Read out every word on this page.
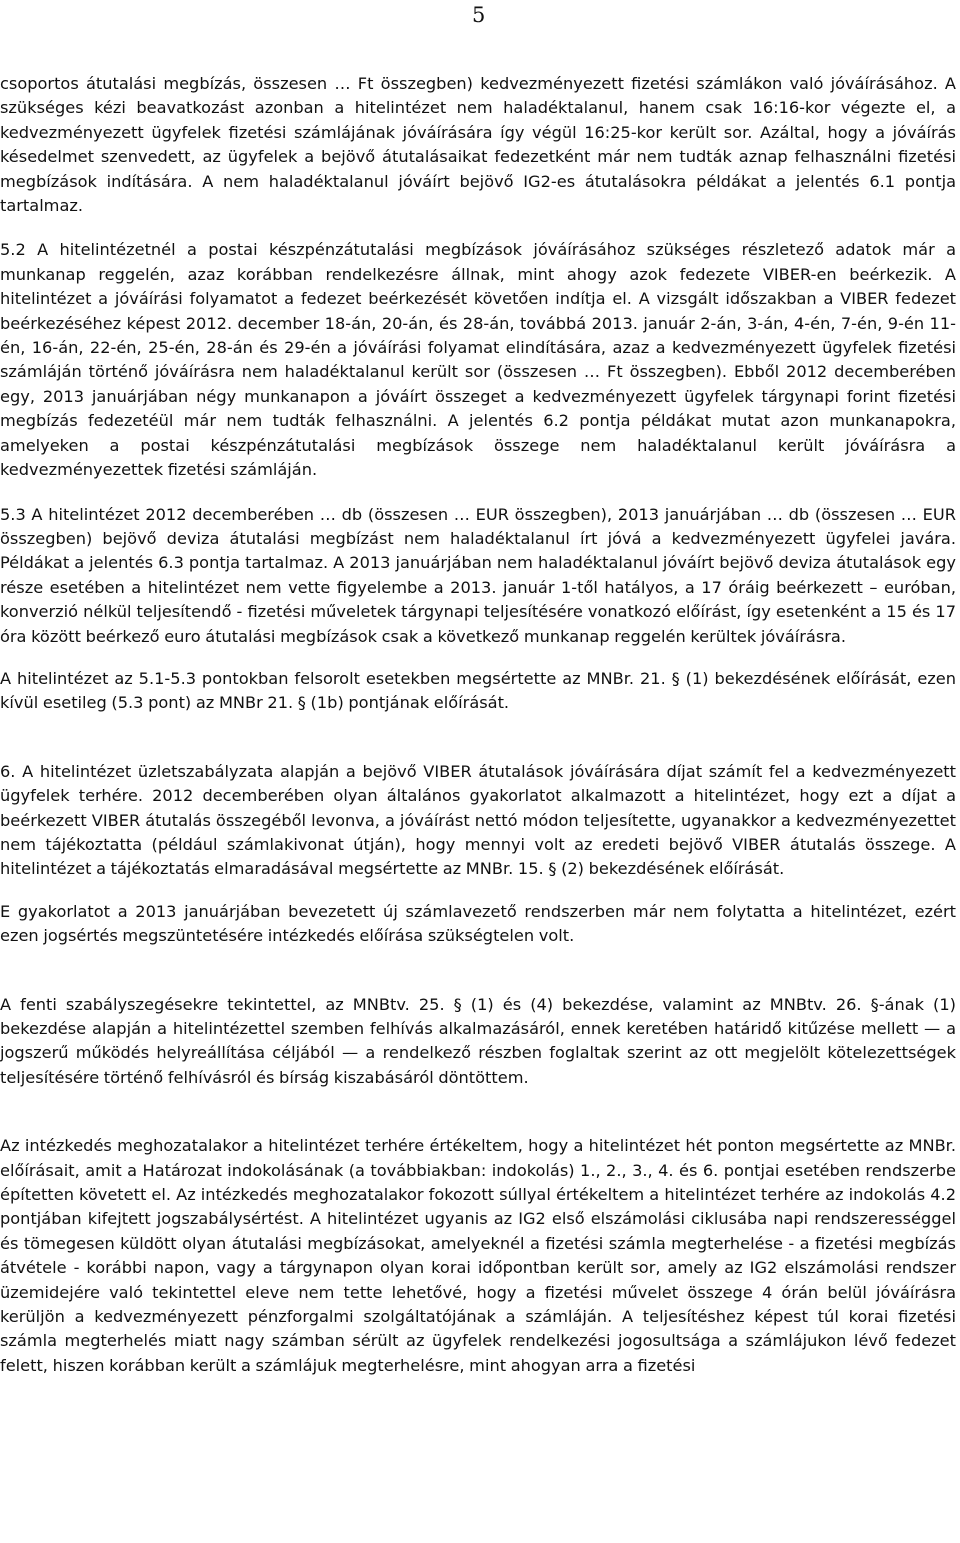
5

csoportos átutalási megbízás, összesen … Ft összegben) kedvezményezett fizetési számlákon való jóváírásához. A szükséges kézi beavatkozást azonban a hitelintézet nem haladéktalanul, hanem csak 16:16-kor végezte el, a kedvezményezett ügyfelek fizetési számlájának jóváírására így végül 16:25-kor került sor. Azáltal, hogy a jóváírás késedelmet szenvedett, az ügyfelek a bejövő átutalásaikat fedezetként már nem tudták aznap felhasználni fizetési megbízások indítására. A nem haladéktalanul jóváírt bejövő IG2-es átutalásokra példákat a jelentés 6.1 pontja tartalmaz.

5.2 A hitelintézetnél a postai készpénzátutalási megbízások jóváírásához szükséges részletező adatok már a munkanap reggelén, azaz korábban rendelkezésre állnak, mint ahogy azok fedezete VIBER-en beérkezik. A hitelintézet a jóváírási folyamatot a fedezet beérkezését követően indítja el. A vizsgált időszakban a VIBER fedezet beérkezéséhez képest 2012. december 18-án, 20-án, és 28-án, továbbá 2013. január 2-án, 3-án, 4-én, 7-én, 9-én 11-én, 16-án, 22-én, 25-én, 28-án és 29-én a jóváírási folyamat elindítására, azaz a kedvezményezett ügyfelek fizetési számláján történő jóváírásra nem haladéktalanul került sor (összesen … Ft összegben). Ebből 2012 decemberében egy, 2013 januárjában négy munkanapon a jóváírt összeget a kedvezményezett ügyfelek tárgynapi forint fizetési megbízás fedezetéül már nem tudták felhasználni. A jelentés 6.2 pontja példákat mutat azon munkanapokra, amelyeken a postai készpénzátutalási megbízások összege nem haladéktalanul került jóváírásra a kedvezményezettek fizetési számláján.

5.3 A hitelintézet 2012 decemberében … db (összesen … EUR összegben), 2013 januárjában … db (összesen … EUR összegben) bejövő deviza átutalási megbízást nem haladéktalanul írt jóvá a kedvezményezett ügyfelei javára. Példákat a jelentés 6.3 pontja tartalmaz. A 2013 januárjában nem haladéktalanul jóváírt bejövő deviza átutalások egy része esetében a hitelintézet nem vette figyelembe a 2013. január 1-től hatályos, a 17 óráig beérkezett – euróban, konverzió nélkül teljesítendő - fizetési műveletek tárgynapi teljesítésére vonatkozó előírást, így esetenként a 15 és 17 óra között beérkező euro átutalási megbízások csak a következő munkanap reggelén kerültek jóváírásra.

A hitelintézet az 5.1-5.3 pontokban felsorolt esetekben megsértette az MNBr. 21. § (1) bekezdésének előírását, ezen kívül esetileg (5.3 pont) az MNBr 21. § (1b) pontjának előírását.

6. A hitelintézet üzletszabályzata alapján a bejövő VIBER átutalások jóváírására díjat számít fel a kedvezményezett ügyfelek terhére. 2012 decemberében olyan általános gyakorlatot alkalmazott a hitelintézet, hogy ezt a díjat a beérkezett VIBER átutalás összegéből levonva, a jóváírást nettó módon teljesítette, ugyanakkor a kedvezményezettet nem tájékoztatta (például számlakivonat útján), hogy mennyi volt az eredeti bejövő VIBER átutalás összege. A hitelintézet a tájékoztatás elmaradásával megsértette az MNBr. 15. § (2) bekezdésének előírását.

E gyakorlatot a 2013 januárjában bevezetett új számlavezető rendszerben már nem folytatta a hitelintézet, ezért ezen jogsértés megszüntetésére intézkedés előírása szükségtelen volt.

A fenti szabályszegésekre tekintettel, az MNBtv. 25. § (1) és (4) bekezdése, valamint az MNBtv. 26. §-ának (1) bekezdése alapján a hitelintézettel szemben felhívás alkalmazásáról, ennek keretében határidő kitűzése mellett — a jogszerű működés helyreállítása céljából — a rendelkező részben foglaltak szerint az ott megjelölt kötelezettségek teljesítésére történő felhívásról és bírság kiszabásáról döntöttem.

Az intézkedés meghozatalakor a hitelintézet terhére értékeltem, hogy a hitelintézet hét ponton megsértette az MNBr. előírásait, amit a Határozat indokolásának (a továbbiakban: indokolás) 1., 2., 3., 4. és 6. pontjai esetében rendszerbe építetten követett el. Az intézkedés meghozatalakor fokozott súllyal értékeltem a hitelintézet terhére az indokolás 4.2 pontjában kifejtett jogszabálysértést. A hitelintézet ugyanis az IG2 első elszámolási ciklusába napi rendszerességgel és tömegesen küldött olyan átutalási megbízásokat, amelyeknél a fizetési számla megterhelése - a fizetési megbízás átvétele - korábbi napon, vagy a tárgynapon olyan korai időpontban került sor, amely az IG2 elszámolási rendszer üzemidejére való tekintettel eleve nem tette lehetővé, hogy a fizetési művelet összege 4 órán belül jóváírásra kerüljön a kedvezményezett pénzforgalmi szolgáltatójának a számláján. A teljesítéshez képest túl korai fizetési számla megterhelés miatt nagy számban sérült az ügyfelek rendelkezési jogosultsága a számlájukon lévő fedezet felett, hiszen korábban került a számlájuk megterhelésre, mint ahogyan arra a fizetési
